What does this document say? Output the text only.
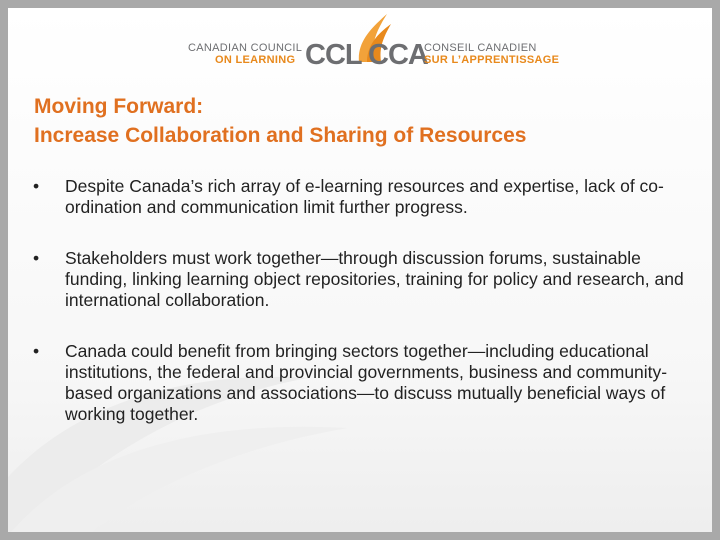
CANADIAN COUNCIL
ON LEARNING CCL CCA
CONSEIL CANADIEN
SUR L’APPRENTISSAGE
Moving Forward:
Increase Collaboration and Sharing of Resources
• Despite Canada’s rich array of e-learning resources and expertise, lack of co-ordination and communication limit further progress.
• Stakeholders must work together—through discussion forums, sustainable funding, linking learning object repositories, training for policy and research, and international collaboration.
• Canada could benefit from bringing sectors together—including educational institutions, the federal and provincial governments, business and community-based organizations and associations—to discuss mutually beneficial ways of working together.
